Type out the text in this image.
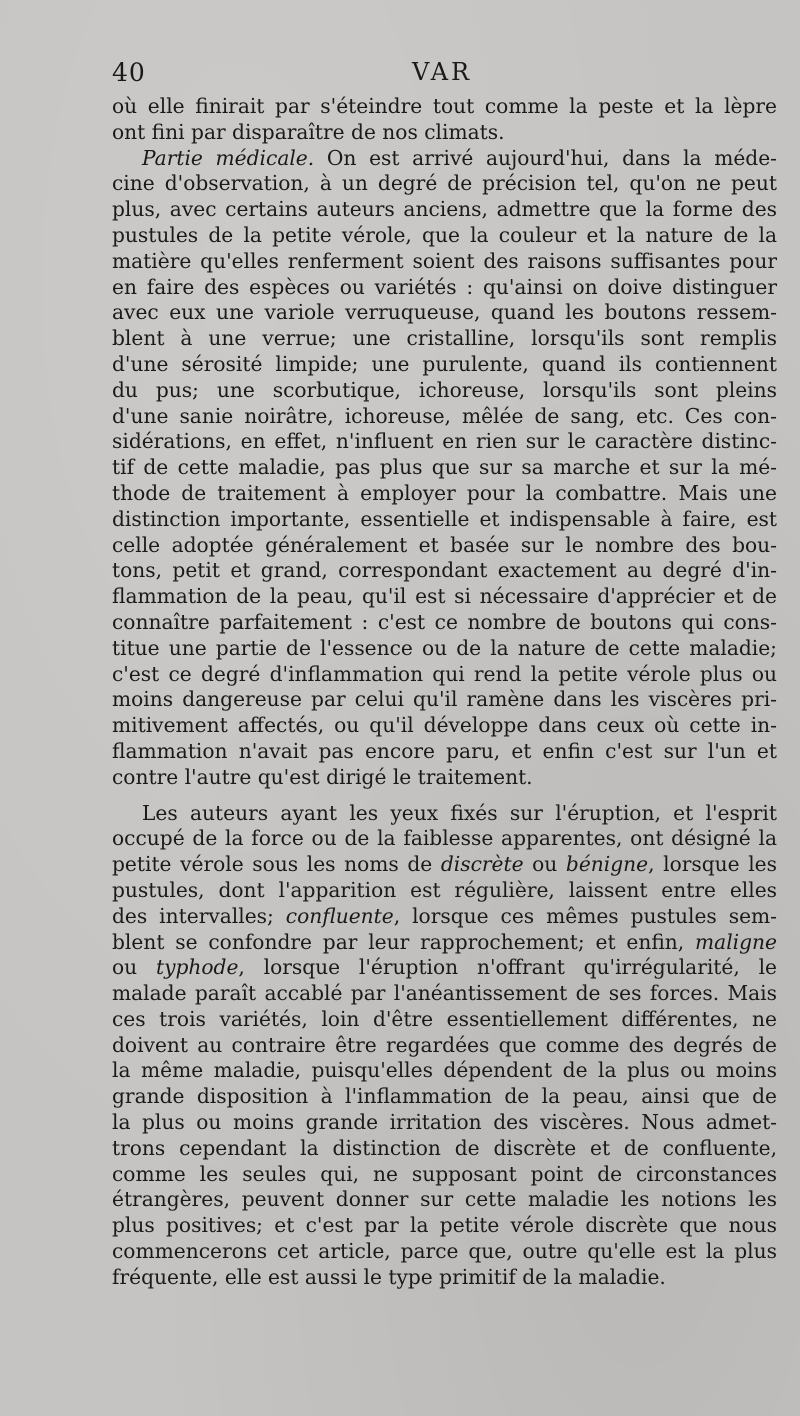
40	VAR
où elle finirait par s'éteindre tout comme la peste et la lèpre
ont fini par disparaître de nos climats.
Partie médicale. On est arrivé aujourd'hui, dans la méde-
cine d'observation, à un degré de précision tel, qu'on ne peut
plus, avec certains auteurs anciens, admettre que la forme des
pustules de la petite vérole, que la couleur et la nature de la
matière qu'elles renferment soient des raisons suffisantes pour
en faire des espèces ou variétés : qu'ainsi on doive distinguer
avec eux une variole verruqueuse, quand les boutons ressem-
blent à une verrue; une cristalline, lorsqu'ils sont remplis
d'une sérosité limpide; une purulente, quand ils contiennent
du pus; une scorbutique, ichoreuse, lorsqu'ils sont pleins
d'une sanie noirâtre, ichoreuse, mêlée de sang, etc. Ces con-
sidérations, en effet, n'influent en rien sur le caractère distinc-
tif de cette maladie, pas plus que sur sa marche et sur la mé-
thode de traitement à employer pour la combattre. Mais une
distinction importante, essentielle et indispensable à faire, est
celle adoptée généralement et basée sur le nombre des bou-
tons, petit et grand, correspondant exactement au degré d'in-
flammation de la peau, qu'il est si nécessaire d'apprécier et de
connaître parfaitement : c'est ce nombre de boutons qui cons-
titue une partie de l'essence ou de la nature de cette maladie;
c'est ce degré d'inflammation qui rend la petite vérole plus ou
moins dangereuse par celui qu'il ramène dans les viscères pri-
mitivement affectés, ou qu'il développe dans ceux où cette in-
flammation n'avait pas encore paru, et enfin c'est sur l'un et
contre l'autre qu'est dirigé le traitement.
Les auteurs ayant les yeux fixés sur l'éruption, et l'esprit
occupé de la force ou de la faiblesse apparentes, ont désigné la
petite vérole sous les noms de discrète ou bénigne, lorsque les
pustules, dont l'apparition est régulière, laissent entre elles
des intervalles; confluente, lorsque ces mêmes pustules sem-
blent se confondre par leur rapprochement; et enfin, maligne
ou typhode, lorsque l'éruption n'offrant qu'irrégularité, le
malade paraît accablé par l'anéantissement de ses forces. Mais
ces trois variétés, loin d'être essentiellement différentes, ne
doivent au contraire être regardées que comme des degrés de
la même maladie, puisqu'elles dépendent de la plus ou moins
grande disposition à l'inflammation de la peau, ainsi que de
la plus ou moins grande irritation des viscères. Nous admet-
trons cependant la distinction de discrète et de confluente,
comme les seules qui, ne supposant point de circonstances
étrangères, peuvent donner sur cette maladie les notions les
plus positives; et c'est par la petite vérole discrète que nous
commencerons cet article, parce que, outre qu'elle est la plus
fréquente, elle est aussi le type primitif de la maladie.
